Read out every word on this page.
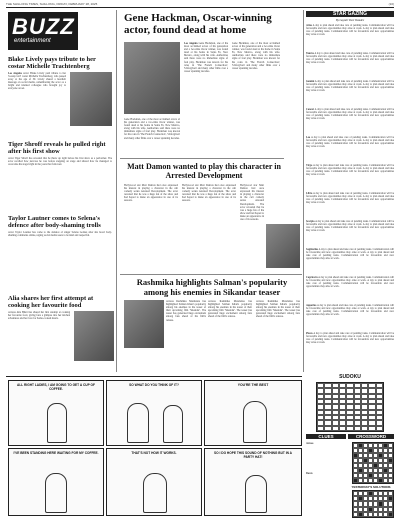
THE SHILLONG TIMES, SHILLONG, FRIDAY, FEBRUARY 28, 2025	(10)
BUZZ
entertainment
Blake Lively pays tribute to her costar Michelle Trachtenberg
Los Angeles Actor Blake Lively paid tribute to her 'Gossip Girl' costar Michelle Trachtenberg, who passed away at the age of 39. Lively shared a heartfelt message on social media, remembering the actor as a bright and talented colleague who brought joy to everyone on set.
Tiger Shroff reveals he pulled right after his first show
Actor Tiger Shroff has revealed that he threw up right before his first show as a performer. The actor recalled how nervous he was before stepping on stage and shared how he managed to overcome his stage fright in the years that followed.
Taylor Lautner comes to Selena's defence after body-shaming trolls
Actor Taylor Lautner has come to the defence of singer Selena Gomez after she faced body-shaming comments online, urging social media users to be kind and respectful.
Alia shares her first attempt at cooking her favourite food
Actress Alia Bhatt has shared her first attempt at cooking her favourite food, giving fans a glimpse into her kitchen adventures and her love for home-cooked meals.
Gene Hackman, Oscar-winning actor, found dead at home
Los Angeles Gene Hackman, one of the most acclaimed actors of his generation and a two-time Oscar winner, was found dead at his home in Santa Fe, New Mexico, along with his wife. Authorities said there were no immediate signs of foul play. Hackman was known for his roles in 'The French Connection', 'Unforgiven' and many other films over a career spanning decades.
Gene Hackman, one of the most acclaimed actors of his generation and a two-time Oscar winner, was found dead at his home in Santa Fe, New Mexico, along with his wife. Authorities said there were no immediate signs of foul play. Hackman was known for his roles in 'The French Connection', 'Unforgiven' and many other films over a career spanning decades.
Gene Hackman, one of the most acclaimed actors of his generation and a two-time Oscar winner, was found dead at his home in Santa Fe, New Mexico, along with his wife. Authorities said there were no immediate signs of foul play. Hackman was known for his roles in 'The French Connection', 'Unforgiven' and many other films over a career spanning decades.
Matt Damon wanted to play this character in Arrested Development
Hollywood star Matt Damon had once expressed his interest in playing a character in the cult comedy series Arrested Development. The actor revealed that he was a huge fan of the show and had hoped to make an appearance in one of its seasons.
Hollywood star Matt Damon had once expressed his interest in playing a character in the cult comedy series Arrested Development. The actor revealed that he was a huge fan of the show and had hoped to make an appearance in one of its seasons.
Hollywood star Matt Damon had once expressed his interest in playing a character in the cult comedy series Arrested Development. The actor revealed that he was a huge fan of the show and had hoped to make an appearance in one of its seasons.
Rashmika highlights Salman's popularity among his enemies in Sikandar teaser
Actress Rashmika Mandanna has highlighted Salman Khan's popularity among his enemies in the teaser of their upcoming film 'Sikandar'. The teaser has generated huge excitement among fans ahead of the film's release.
Actress Rashmika Mandanna has highlighted Salman Khan's popularity among his enemies in the teaser of their upcoming film 'Sikandar'. The teaser has generated huge excitement among fans ahead of the film's release.
Actress Rashmika Mandanna has highlighted Salman Khan's popularity among his enemies in the teaser of their upcoming film 'Sikandar'. The teaser has generated huge excitement among fans ahead of the film's release.
STAR GAZING
By Gayatri Devi Vasudev
Aries A day to plan ahead and take care of pending tasks. Communication will be favourable and new opportunities may arise at work. A day to plan ahead and take care of pending tasks. Communication will be favourable and new opportunities may arise at work.
Taurus A day to plan ahead and take care of pending tasks. Communication will be favourable and new opportunities may arise at work. A day to plan ahead and take care of pending tasks. Communication will be favourable and new opportunities may arise at work.
Gemini A day to plan ahead and take care of pending tasks. Communication will be favourable and new opportunities may arise at work. A day to plan ahead and take care of pending tasks. Communication will be favourable and new opportunities may arise at work.
Cancer A day to plan ahead and take care of pending tasks. Communication will be favourable and new opportunities may arise at work. A day to plan ahead and take care of pending tasks. Communication will be favourable and new opportunities may arise at work.
Leo A day to plan ahead and take care of pending tasks. Communication will be favourable and new opportunities may arise at work. A day to plan ahead and take care of pending tasks. Communication will be favourable and new opportunities may arise at work.
Virgo A day to plan ahead and take care of pending tasks. Communication will be favourable and new opportunities may arise at work. A day to plan ahead and take care of pending tasks. Communication will be favourable and new opportunities may arise at work.
Libra A day to plan ahead and take care of pending tasks. Communication will be favourable and new opportunities may arise at work. A day to plan ahead and take care of pending tasks. Communication will be favourable and new opportunities may arise at work.
Scorpio A day to plan ahead and take care of pending tasks. Communication will be favourable and new opportunities may arise at work. A day to plan ahead and take care of pending tasks. Communication will be favourable and new opportunities may arise at work.
Sagittarius A day to plan ahead and take care of pending tasks. Communication will be favourable and new opportunities may arise at work. A day to plan ahead and take care of pending tasks. Communication will be favourable and new opportunities may arise at work.
Capricorn A day to plan ahead and take care of pending tasks. Communication will be favourable and new opportunities may arise at work. A day to plan ahead and take care of pending tasks. Communication will be favourable and new opportunities may arise at work.
Aquarius A day to plan ahead and take care of pending tasks. Communication will be favourable and new opportunities may arise at work. A day to plan ahead and take care of pending tasks. Communication will be favourable and new opportunities may arise at work.
Pisces A day to plan ahead and take care of pending tasks. Communication will be favourable and new opportunities may arise at work. A day to plan ahead and take care of pending tasks. Communication will be favourable and new opportunities may arise at work.
SUDOKU
ALL RIGHT LADIES, I AM GOING TO GET A CUP OF COFFEE.
SO WHAT DO YOU THINK OF IT?	YOU'RE THE BEST
I'VE BEEN STANDING HERE WAITING FOR MY COFFEE.	THAT'S NOT HOW IT WORKS.	SO I DO HOPE THIS SOUND OF NOTHING BUT IN A PARTY HAT!
CLUES	CROSSWORD
Across
Down
YESTERDAY'S SOLUTIONS
